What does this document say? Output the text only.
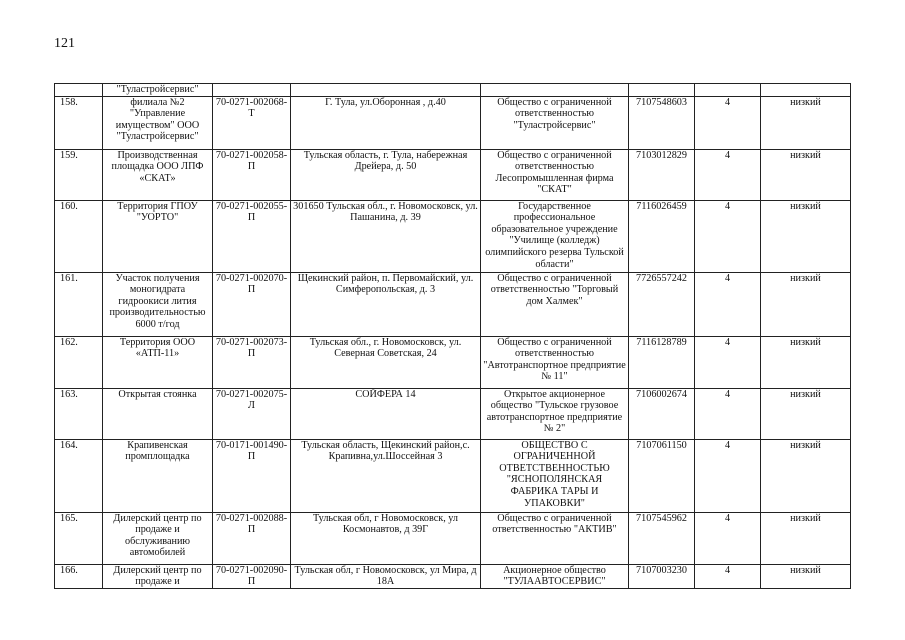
121
	"Туластройсервис"						
158.	филиала №2 "Управление имуществом" ООО "Туластройсервис"	70-0271-002068-Т	Г. Тула, ул.Оборонная , д.40	Общество с ограниченной ответственностью "Туластройсервис"	7107548603	4	низкий
159.	Производственная площадка ООО ЛПФ «СКАТ»	70-0271-002058-П	Тульская область, г. Тула, набережная Дрейера, д. 50	Общество с ограниченной ответственностью Лесопромышленная фирма "СКАТ"	7103012829	4	низкий
160.	Территория ГПОУ "УОРТО"	70-0271-002055-П	301650 Тульская обл., г. Новомосковск, ул. Пашанина, д. 39	Государственное профессиональное образовательное учреждение "Училище (колледж) олимпийского резерва Тульской области"	7116026459	4	низкий
161.	Участок получения моногидрата гидроокиси лития производительностью 6000 т/год	70-0271-002070-П	Щекинский район, п. Первомайский, ул. Симферопольская, д. 3	Общество с ограниченной ответственностью "Торговый дом Халмек"	7726557242	4	низкий
162.	Территория ООО «АТП-11»	70-0271-002073-П	Тульская обл., г. Новомосковск, ул. Северная Советская, 24	Общество с ограниченной ответственностью "Автотранспортное предприятие № 11"	7116128789	4	низкий
163.	Открытая стоянка	70-0271-002075-Л	СОЙФЕРА 14	Открытое акционерное общество "Тульское грузовое автотранспортное предприятие № 2"	7106002674	4	низкий
164.	Крапивенская промплощадка	70-0171-001490-П	Тульская область, Щекинский район,с. Крапивна,ул.Шоссейная 3	ОБЩЕСТВО С ОГРАНИЧЕННОЙ ОТВЕТСТВЕННОСТЬЮ "ЯСНОПОЛЯНСКАЯ ФАБРИКА ТАРЫ И УПАКОВКИ"	7107061150	4	низкий
165.	Дилерский центр по продаже и обслуживанию автомобилей	70-0271-002088-П	Тульская обл, г Новомосковск, ул Космонавтов, д 39Г	Общество с ограниченной ответственностью "АКТИВ"	7107545962	4	низкий
166.	Дилерский центр по продаже и	70-0271-002090-П	Тульская обл, г Новомосковск, ул Мира, д 18А	Акционерное общество "ТУЛААВТОСЕРВИС"	7107003230	4	низкий
